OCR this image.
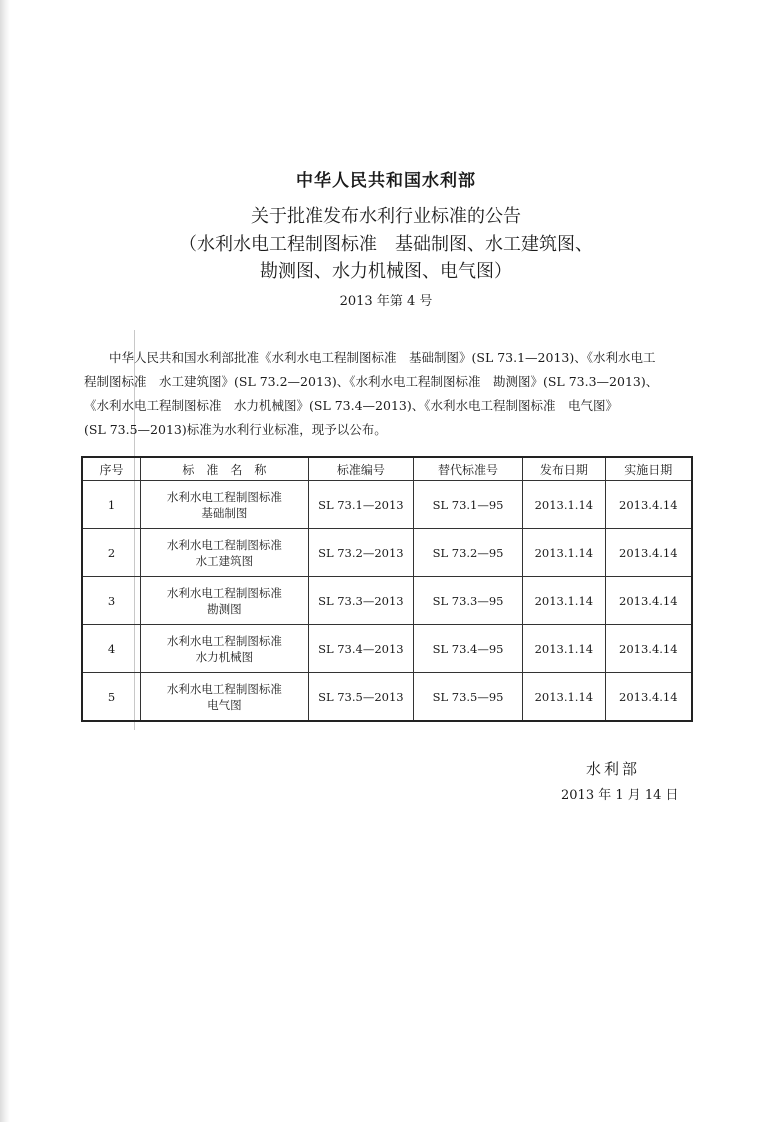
中华人民共和国水利部
关于批准发布水利行业标准的公告
（水利水电工程制图标准　基础制图、水工建筑图、
勘测图、水力机械图、电气图）
2013 年第 4 号

中华人民共和国水利部批准《水利水电工程制图标准　基础制图》(SL 73.1—2013)、《水利水电工

程制图标准　水工建筑图》(SL 73.2—2013)、《水利水电工程制图标准　勘测图》(SL 73.3—2013)、

《水利水电工程制图标准　水力机械图》(SL 73.4—2013)、《水利水电工程制图标准　电气图》

(SL 73.5—2013)标准为水利行业标准，现予以公布。

序号	标　准　名　称	标准编号	替代标准号	发布日期	实施日期
1	水利水电工程制图标准
基础制图	SL 73.1—2013	SL 73.1—95	2013.1.14	2013.4.14
2	水利水电工程制图标准
水工建筑图	SL 73.2—2013	SL 73.2—95	2013.1.14	2013.4.14
3	水利水电工程制图标准
勘测图	SL 73.3—2013	SL 73.3—95	2013.1.14	2013.4.14
4	水利水电工程制图标准
水力机械图	SL 73.4—2013	SL 73.4—95	2013.1.14	2013.4.14
5	水利水电工程制图标准
电气图	SL 73.5—2013	SL 73.5—95	2013.1.14	2013.4.14
水利部
2013 年 1 月 14 日
